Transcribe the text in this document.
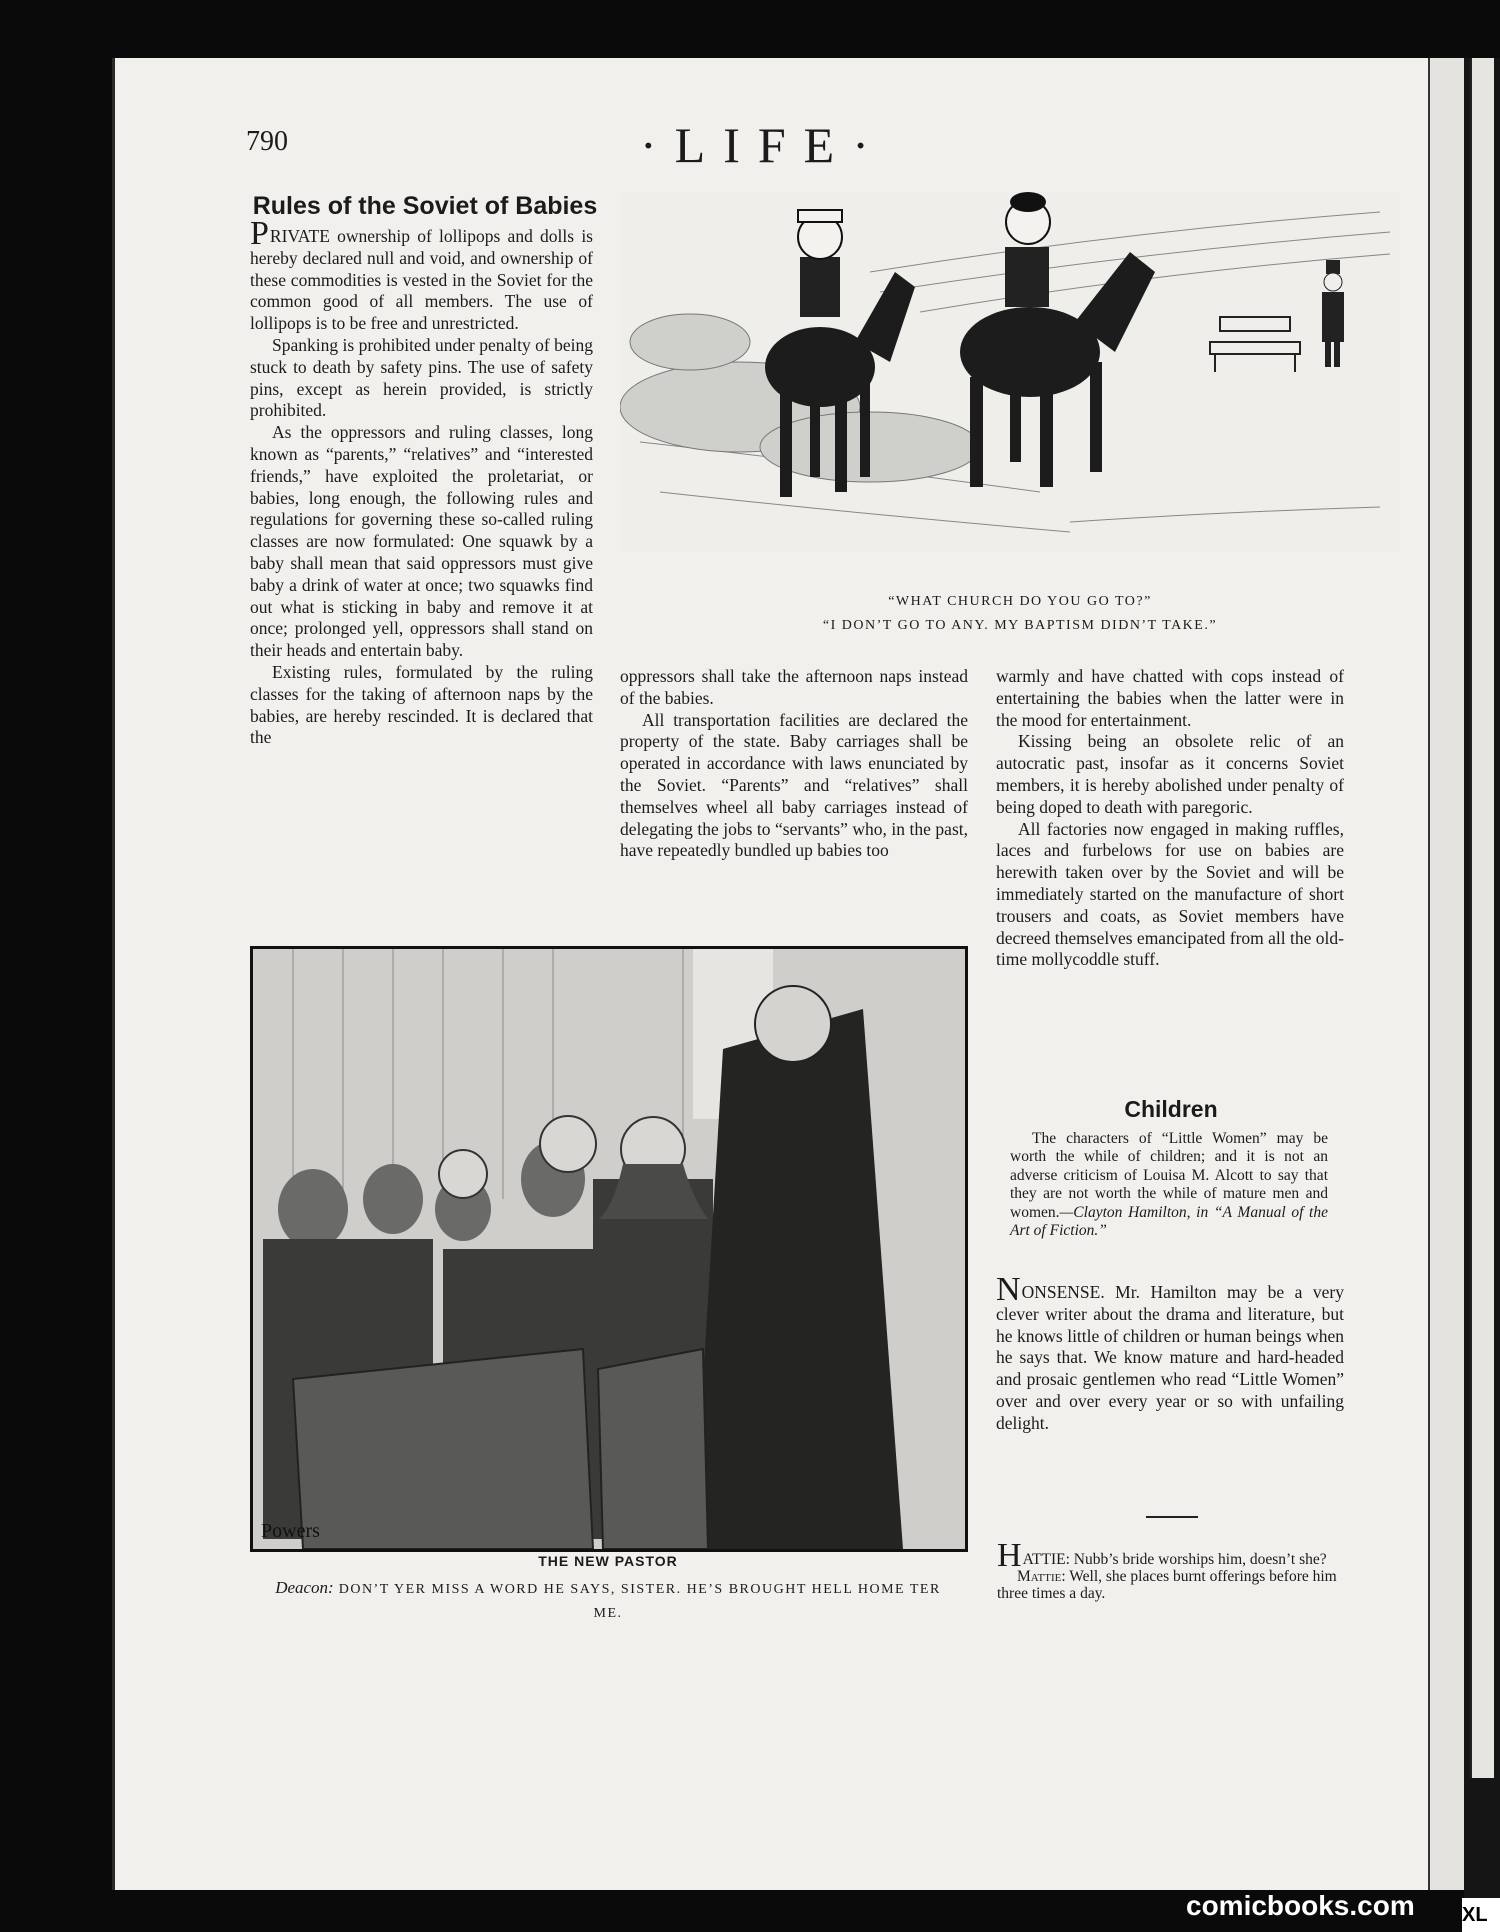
790	·LIFE·
Rules of the Soviet of Babies

PRIVATE ownership of lollipops and dolls is hereby declared null and void, and ownership of these commodities is vested in the Soviet for the common good of all members. The use of lollipops is to be free and unrestricted.

Spanking is prohibited under penalty of being stuck to death by safety pins. The use of safety pins, except as herein provided, is strictly prohibited.

As the oppressors and ruling classes, long known as “parents,” “relatives” and “interested friends,” have exploited the proletariat, or babies, long enough, the following rules and regulations for governing these so-called ruling classes are now formulated: One squawk by a baby shall mean that said oppressors must give baby a drink of water at once; two squawks find out what is sticking in baby and remove it at once; prolonged yell, oppressors shall stand on their heads and entertain baby.

Existing rules, formulated by the ruling classes for the taking of afternoon naps by the babies, are hereby rescinded. It is declared that the

“WHAT CHURCH DO YOU GO TO?”
“I DON’T GO TO ANY. MY BAPTISM DIDN’T TAKE.”

oppressors shall take the afternoon naps instead of the babies.

All transportation facilities are declared the property of the state. Baby carriages shall be operated in accordance with laws enunciated by the Soviet. “Parents” and “relatives” shall themselves wheel all baby carriages instead of delegating the jobs to “servants” who, in the past, have repeatedly bundled up babies too

warmly and have chatted with cops instead of entertaining the babies when the latter were in the mood for entertainment.

Kissing being an obsolete relic of an autocratic past, insofar as it concerns Soviet members, it is hereby abolished under penalty of being doped to death with paregoric.

All factories now engaged in making ruffles, laces and furbelows for use on babies are herewith taken over by the Soviet and will be immediately started on the manufacture of short trousers and coats, as Soviet members have decreed themselves emancipated from all the old-time mollycoddle stuff.

Powers
THE NEW PASTOR
Deacon: DON’T YER MISS A WORD HE SAYS, SISTER. HE’S BROUGHT HELL HOME TER ME.
Children

The characters of “Little Women” may be worth the while of children; and it is not an adverse criticism of Louisa M. Alcott to say that they are not worth the while of mature men and women.—Clayton Hamilton, in “A Manual of the Art of Fiction.”

NONSENSE. Mr. Hamilton may be a very clever writer about the drama and literature, but he knows little of children or human beings when he says that. We know mature and hard-headed and prosaic gentlemen who read “Little Women” over and over every year or so with unfailing delight.

HATTIE: Nubb’s bride worships him, doesn’t she?

Mattie: Well, she places burnt offerings before him three times a day.

comicbooks.com XL
